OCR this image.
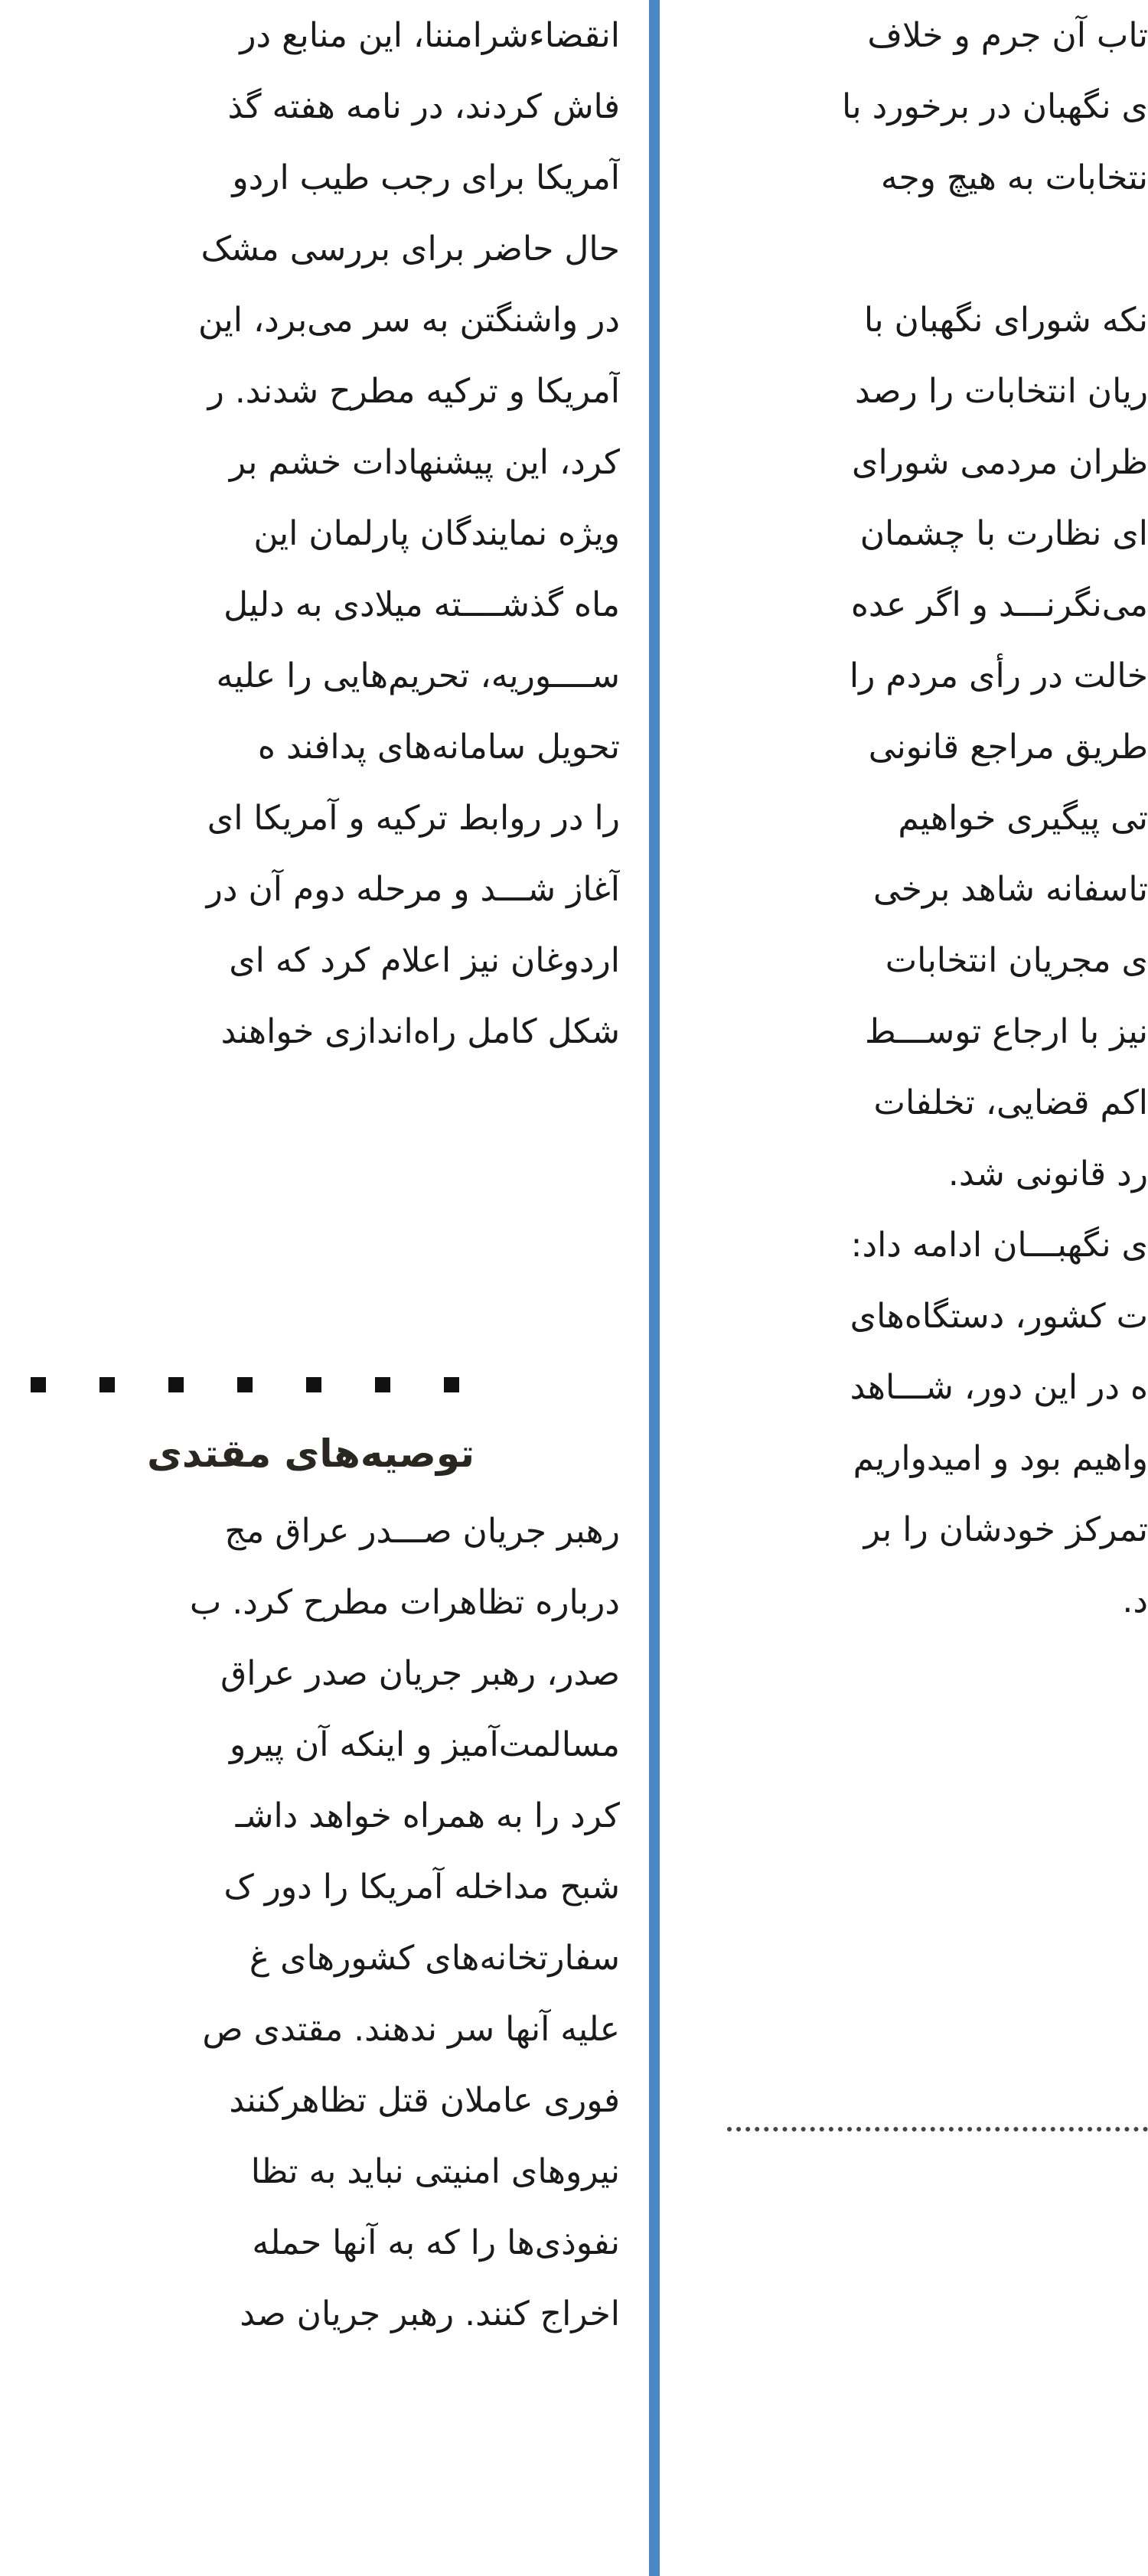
انقضاءشرامننا، این منابع در
فاش کردند، در نامه هفته گذ
آمریکا برای رجب طیب اردو
حال حاضر برای بررسی مشک
در واشنگتن به سر می‌برد، این
آمریکا و ترکیه مطرح شدند. ر
کرد، این پیشنهادات خشم بر
ویژه نمایندگان پارلمان این
ماه گذشــــته میلادی به دلیل
ســــوریه، تحریم‌هایی را علیه
تحویل سامانه‌های پدافند ه
را در روابط ترکیه و آمریکا ای
آغاز شـــد و مرحله دوم آن در
اردوغان نیز اعلام کرد که ای
شکل کامل راه‌اندازی خواهند
توصیه‌های مقتدی
رهبر جریان صـــدر عراق مج
درباره تظاهرات مطرح کرد. ب
صدر، رهبر جریان صدر عراق
مسالمت‌آمیز و اینکه آن پیرو
کرد را به همراه خواهد داشـ
شبح مداخله آمریکا را دور ک
سفارتخانه‌های کشورهای غ
علیه آنها سر ندهند. مقتدی ص
فوری عاملان قتل تظاهرکنند
نیروهای امنیتی نباید به تظا
نفوذی‌ها را که به آنها حمله
اخراج کنند. رهبر جریان صد
تاب آن جرم و خلاف
ی نگهبان در برخورد با
نتخابات به هیچ وجه
نکه شورای نگهبان با
ریان انتخابات را رصد
ظران مردمی شورای
ای نظارت با چشمان
می‌نگرنـــد و اگر عده
خالت در رأی مردم را
طریق مراجع قانونی
تی پیگیری خواهیم
تاسفانه شاهد برخی
ی مجریان انتخابات
نیز با ارجاع توســـط
اکم قضایی، تخلفات
رد قانونی شد.
ی نگهبـــان ادامه داد:
ت کشور، دستگاه‌های
ه در این دور، شـــاهد
واهیم بود و امیدواریم
تمرکز خودشان را بر
د.
